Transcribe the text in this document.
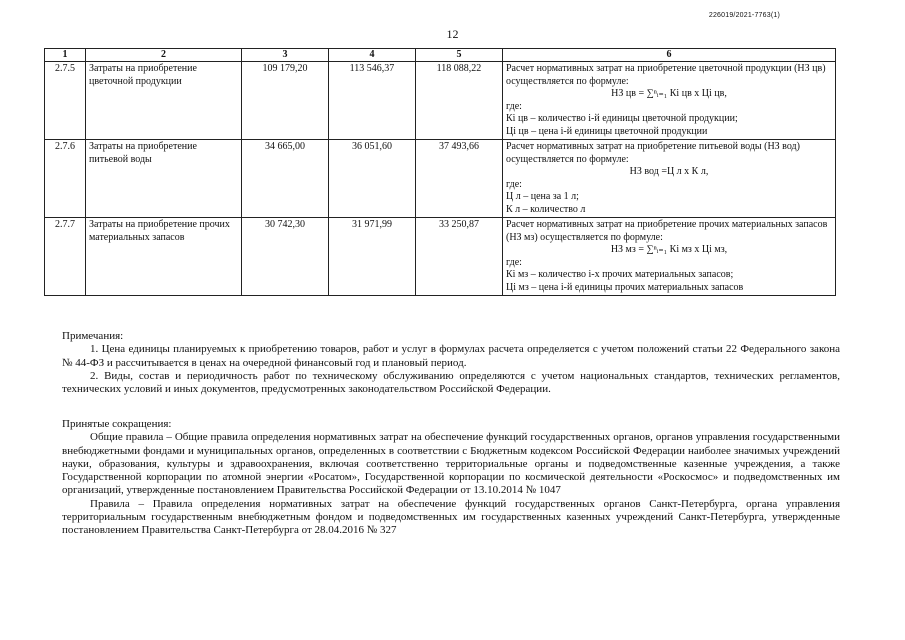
226019/2021-7763(1)
12
1	2	3	4	5	6
2.7.5	Затраты на приобретение цветочной продукции	109 179,20	113 546,37	118 088,22	Расчет нормативных затрат на приобретение цветочной продукции (НЗ цв) осуществляется по формуле:
НЗ цв = ∑ⁿᵢ₌₁ Кi цв х Цi цв,
где:
Кi цв – количество i-й единицы цветочной продукции;
Цi цв – цена i-й единицы цветочной продукции

2.7.6	Затраты на приобретение питьевой воды	34 665,00	36 051,60	37 493,66	Расчет нормативных затрат на приобретение питьевой воды (НЗ вод) осуществляется по формуле:
НЗ вод =Ц л х К л,
где:
Ц л – цена за 1 л;
К л – количество л

2.7.7	Затраты на приобретение прочих материальных запасов	30 742,30	31 971,99	33 250,87	Расчет нормативных затрат на приобретение прочих материальных запасов (НЗ мз) осуществляется по формуле:
НЗ мз = ∑ⁿᵢ₌₁ Кi мз х Цi мз,
где:
Кi мз – количество i-х прочих материальных запасов;
Цi мз – цена i-й единицы прочих материальных запасов

Примечания:

1. Цена единицы планируемых к приобретению товаров, работ и услуг в формулах расчета определяется с учетом положений статьи 22 Федерального закона № 44-ФЗ и рассчитывается в ценах на очередной финансовый год и плановый период.

2. Виды, состав и периодичность работ по техническому обслуживанию определяются с учетом национальных стандартов, технических регламентов, технических условий и иных документов, предусмотренных законодательством Российской Федерации.

Принятые сокращения:

Общие правила – Общие правила определения нормативных затрат на обеспечение функций государственных органов, органов управления государственными внебюджетными фондами и муниципальных органов, определенных в соответствии с Бюджетным кодексом Российской Федерации наиболее значимых учреждений науки, образования, культуры и здравоохранения, включая соответственно территориальные органы и подведомственные казенные учреждения, а также Государственной корпорации по атомной энергии «Росатом», Государственной корпорации по космической деятельности «Роскосмос» и подведомственных им организаций, утвержденные постановлением Правительства Российской Федерации от 13.10.2014 № 1047

Правила – Правила определения нормативных затрат на обеспечение функций государственных органов Санкт-Петербурга, органа управления территориальным государственным внебюджетным фондом и подведомственных им государственных казенных учреждений Санкт-Петербурга, утвержденные постановлением Правительства Санкт-Петербурга от 28.04.2016 № 327
